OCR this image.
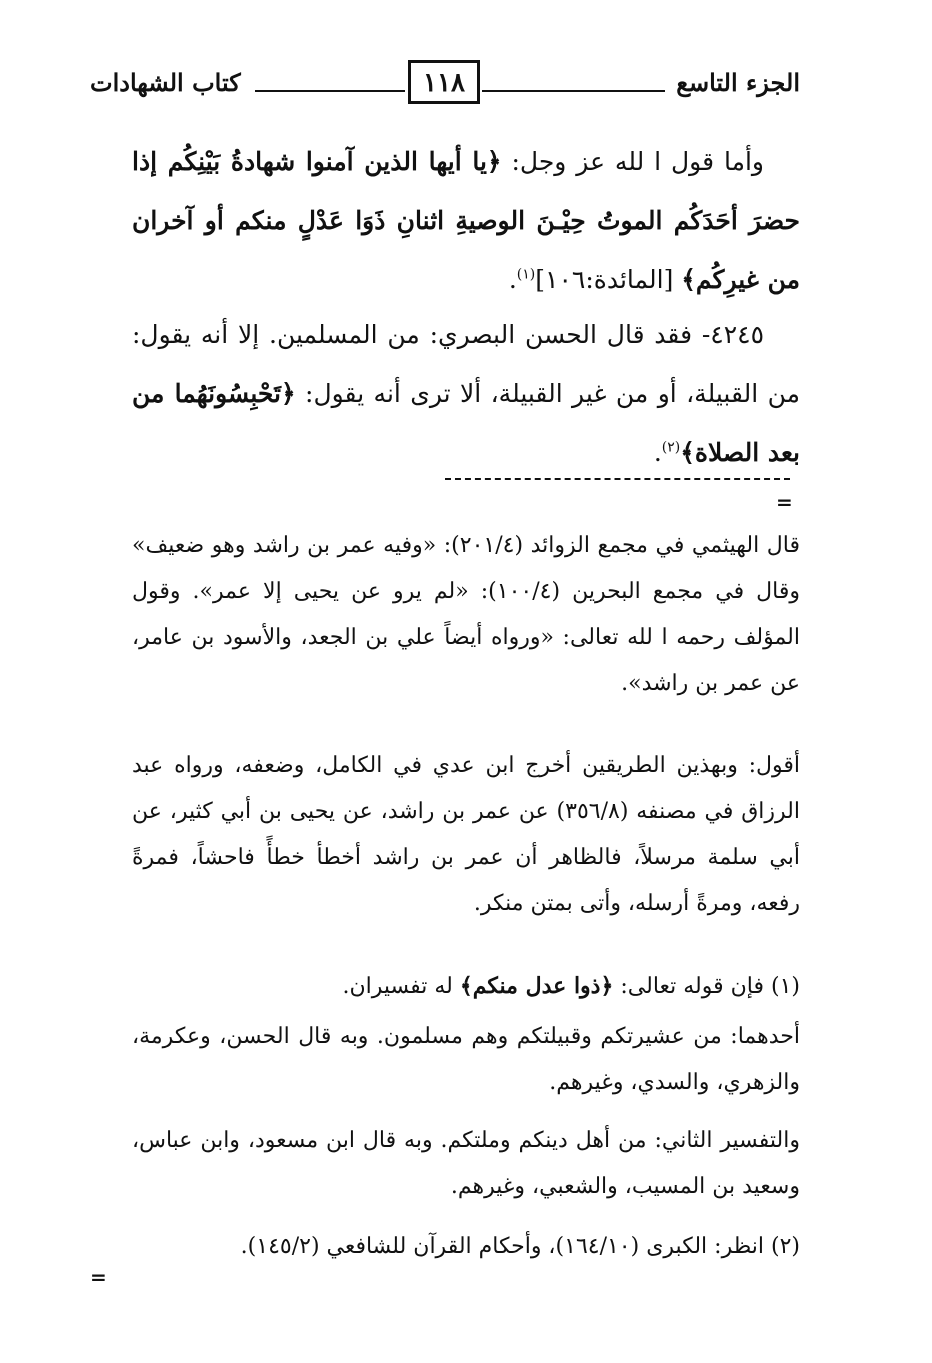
الجزء التاسع
١١٨
كتاب الشهادات
وأما قول ا لله عز وجل: ﴿يا أيها الذين آمنوا شهادةُ بَيْنِكُم إذا حضرَ أحَدَكُم الموتُ حِيْـنَ الوصيةِ اثنانِ ذَوَا عَدْلٍ منكم أو آخران من غيرِكُم﴾ [المائدة:١٠٦]$^{(١)}$.
٤٢٤٥- فقد قال الحسن البصري: من المسلمين. إلا أنه يقول: من القبيلة، أو من غير القبيلة، ألا ترى أنه يقول: ﴿تَحْبِسُونَهُما من بعد الصلاة﴾$^{(٢)}$.
=
قال الهيثمي في مجمع الزوائد (٢٠١/٤): «وفيه عمر بن راشد وهو ضعيف» وقال في مجمع البحرين (١٠٠/٤): «لم يرو عن يحيى إلا عمر». وقول المؤلف رحمه ا لله تعالى: «ورواه أيضاً علي بن الجعد، والأسود بن عامر، عن عمر بن راشد».
أقول: وبهذين الطريقين أخرج ابن عدي في الكامل، وضعفه، ورواه عبد الرزاق في مصنفه (٣٥٦/٨) عن عمر بن راشد، عن يحيى بن أبي كثير، عن أبي سلمة مرسلاً، فالظاهر أن عمر بن راشد أخطأ خطأً فاحشاً، فمرةً رفعه، ومرةً أرسله، وأتى بمتن منكر.
(١) فإن قوله تعالى: ﴿ذوا عدل منكم﴾ له تفسيران.
أحدهما: من عشيرتكم وقبيلتكم وهم مسلمون. وبه قال الحسن، وعكرمة، والزهري، والسدي، وغيرهم.
والتفسير الثاني: من أهل دينكم وملتكم. وبه قال ابن مسعود، وابن عباس، وسعيد بن المسيب، والشعبي، وغيرهم.
(٢) انظر: الكبرى (١٦٤/١٠)، وأحكام القرآن للشافعي (١٤٥/٢).
=
